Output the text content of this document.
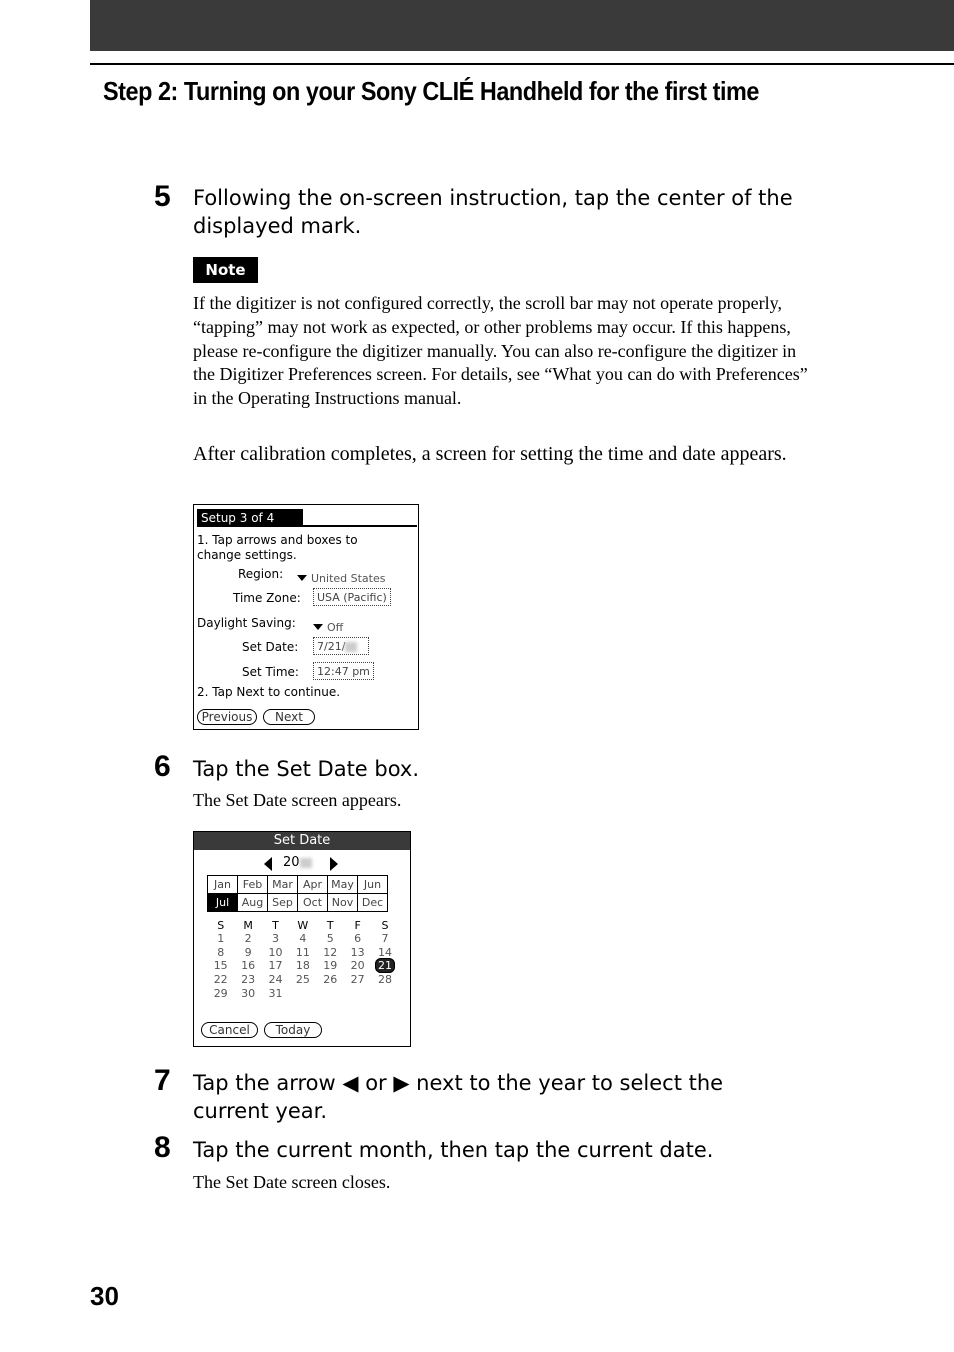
Step 2: Turning on your Sony CLIÉ Handheld for the first time
5	Following the on-screen instruction, tap the center of the displayed mark.
Note
If the digitizer is not configured correctly, the scroll bar may not operate properly, “tapping” may not work as expected, or other problems may occur. If this happens, please re-configure the digitizer manually. You can also re-configure the digitizer in the Digitizer Preferences screen. For details, see “What you can do with Preferences” in the Operating Instructions manual.
After calibration completes, a screen for setting the time and date appears.
Setup 3 of 4
1. Tap arrows and boxes to change settings.
Region:	United States
Time Zone:	USA (Pacific)
Daylight Saving:	Off
Set Date:	7/21/
Set Time:	12:47 pm
2. Tap Next to continue.
Previous	Next
6	Tap the Set Date box.
The Set Date screen appears.
Set Date
20
Jan	Feb	Mar	Apr	May	Jun
Jul	Aug	Sep	Oct	Nov	Dec
S	M	T	W	T	F	S
1	2	3	4	5	6	7
8	9	10	11	12	13	14
15	16	17	18	19	20	21
22	23	24	25	26	27	28
29	30	31				
Cancel	Today
7	Tap the arrow ◀ or ▶ next to the year to select the current year.
8	Tap the current month, then tap the current date.
The Set Date screen closes.
30
